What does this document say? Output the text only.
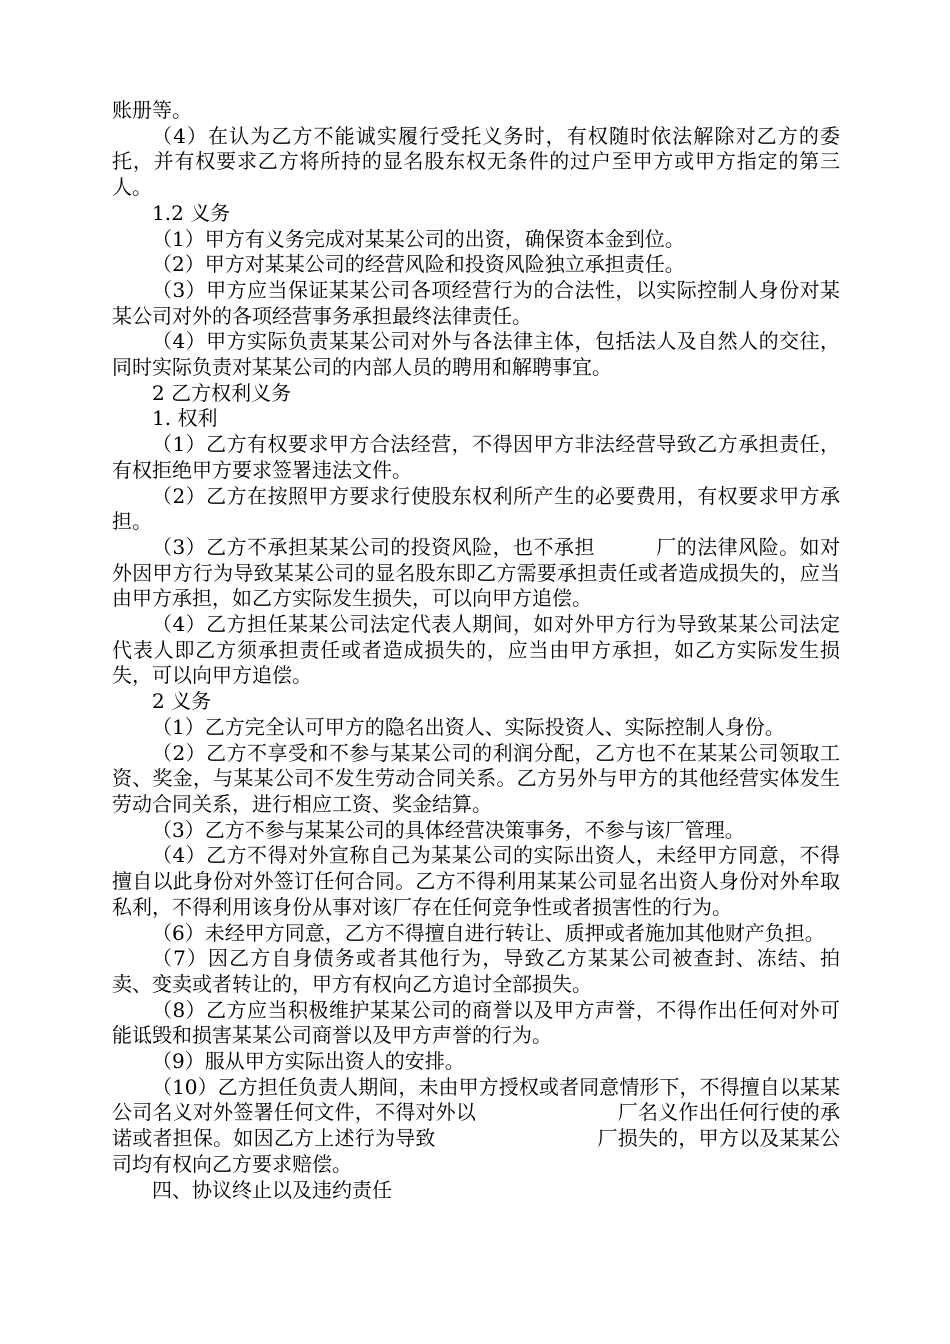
账册等。

（4）在认为乙方不能诚实履行受托义务时，有权随时依法解除对乙方的委托，并有权要求乙方将所持的显名股东权无条件的过户至甲方或甲方指定的第三人。

1.2 义务

（1）甲方有义务完成对某某公司的出资，确保资本金到位。

（2）甲方对某某公司的经营风险和投资风险独立承担责任。

（3）甲方应当保证某某公司各项经营行为的合法性，以实际控制人身份对某某公司对外的各项经营事务承担最终法律责任。

（4）甲方实际负责某某公司对外与各法律主体，包括法人及自然人的交往，同时实际负责对某某公司的内部人员的聘用和解聘事宜。

2 乙方权利义务

1. 权利

（1）乙方有权要求甲方合法经营，不得因甲方非法经营导致乙方承担责任，有权拒绝甲方要求签署违法文件。

（2）乙方在按照甲方要求行使股东权利所产生的必要费用，有权要求甲方承担。

（3）乙方不承担某某公司的投资风险，也不承担　　　厂的法律风险。如对外因甲方行为导致某某公司的显名股东即乙方需要承担责任或者造成损失的，应当由甲方承担，如乙方实际发生损失，可以向甲方追偿。

（4）乙方担任某某公司法定代表人期间，如对外甲方行为导致某某公司法定代表人即乙方须承担责任或者造成损失的，应当由甲方承担，如乙方实际发生损失，可以向甲方追偿。

2 义务

（1）乙方完全认可甲方的隐名出资人、实际投资人、实际控制人身份。

（2）乙方不享受和不参与某某公司的利润分配，乙方也不在某某公司领取工资、奖金，与某某公司不发生劳动合同关系。乙方另外与甲方的其他经营实体发生劳动合同关系，进行相应工资、奖金结算。

（3）乙方不参与某某公司的具体经营决策事务，不参与该厂管理。

（4）乙方不得对外宣称自己为某某公司的实际出资人，未经甲方同意，不得擅自以此身份对外签订任何合同。乙方不得利用某某公司显名出资人身份对外牟取私利，不得利用该身份从事对该厂存在任何竞争性或者损害性的行为。

（6）未经甲方同意，乙方不得擅自进行转让、质押或者施加其他财产负担。

（7）因乙方自身债务或者其他行为，导致乙方某某公司被查封、冻结、拍卖、变卖或者转让的，甲方有权向乙方追讨全部损失。

（8）乙方应当积极维护某某公司的商誉以及甲方声誉，不得作出任何对外可能诋毁和损害某某公司商誉以及甲方声誉的行为。

（9）服从甲方实际出资人的安排。

（10）乙方担任负责人期间，未由甲方授权或者同意情形下，不得擅自以某某公司名义对外签署任何文件，不得对外以　　　　　　　厂名义作出任何行使的承诺或者担保。如因乙方上述行为导致　　　　　　　　厂损失的，甲方以及某某公司均有权向乙方要求赔偿。

四、协议终止以及违约责任
